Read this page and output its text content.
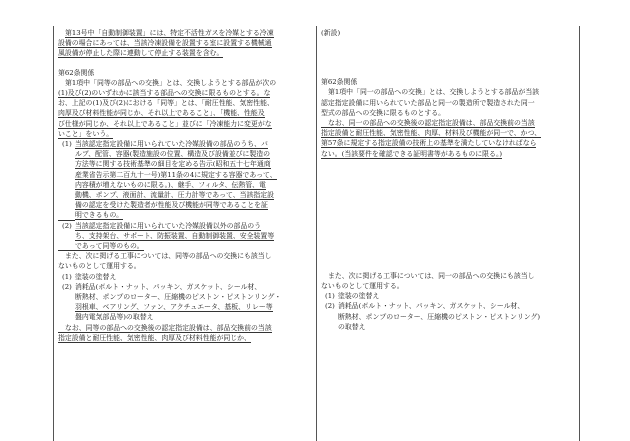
第13号中「自動制御装置」には、特定不活性ガスを冷媒とする冷凍
設備の場合にあっては、当該冷凍設備を設置する室に設置する機械通
風設備が停止した際に連動して停止する装置を含む。

第62条関係

第1項中「同等の部品への交換」とは、交換しようとする部品が次の
(1)及び(2)のいずれかに該当する部品への交換に限るものとする。な
お、上記の(1)及び(2)における「同等」とは、「耐圧性能、気密性能、
肉厚及び材料性能が同じか、それ以上であること」、「機能、性能及
び仕様が同じか、それ以上であること」並びに「冷凍能力に変更がな
いこと」をいう。

(1) 当該認定指定設備に用いられていた冷媒設備の部品のうち、バ
ルブ、配管、容器(製造施設の位置、構造及び設備並びに製造の
方法等に関する技術基準の細目を定める告示(昭和五十七年通商
産業省告示第二百九十一号)第11条の4に規定する容器であって、
内容積が増えないものに限る。)、継手、フィルタ、伝熱管、電
動機、ポンプ、液面計、流量計、圧力計等であって、当該指定設
備の認定を受けた製造者が性能及び機能が同等であることを証
明できるもの。

(2) 当該認定指定設備に用いられていた冷媒設備以外の部品のう
ち、支持架台、サポート、防振装置、自動制御装置、安全装置等
であって同等のもの。

また、次に掲げる工事については、同等の部品への交換にも該当し
ないものとして運用する。

(1) 塗装の塗替え

(2) 消耗品(ボルト・ナット、パッキン、ガスケット、シール材、
断熱材、ポンプのローター、圧縮機のピストン・ピストンリング・
羽根車、ベアリング、ファン、アクチュエータ、基板、リレー等
盤内電気部品等)の取替え

なお、同等の部品への交換後の認定指定設備は、部品交換前の当該
指定設備と耐圧性能、気密性能、肉厚及び材料性能が同じか、

(新設)

第62条関係

第1項中「同一の部品への交換」とは、交換しようとする部品が当該
認定指定設備に用いられていた部品と同一の製造所で製造された同一
型式の部品への交換に限るものとする。
なお、同一の部品への交換後の認定指定設備は、部品交換前の当該
指定設備と耐圧性能、気密性能、肉厚、材料及び機能が同一で、かつ、
第57条に規定する指定設備の技術上の基準を満たしていなければなら
ない。(当該要件を確認できる証明書等があるものに限る。)

また、次に掲げる工事については、同一の部品への交換にも該当し
ないものとして運用する。

(1) 塗装の塗替え

(2) 消耗品(ボルト・ナット、パッキン、ガスケット、シール材、
断熱材、ポンプのローター、圧縮機のピストン・ピストンリング)
の取替え
